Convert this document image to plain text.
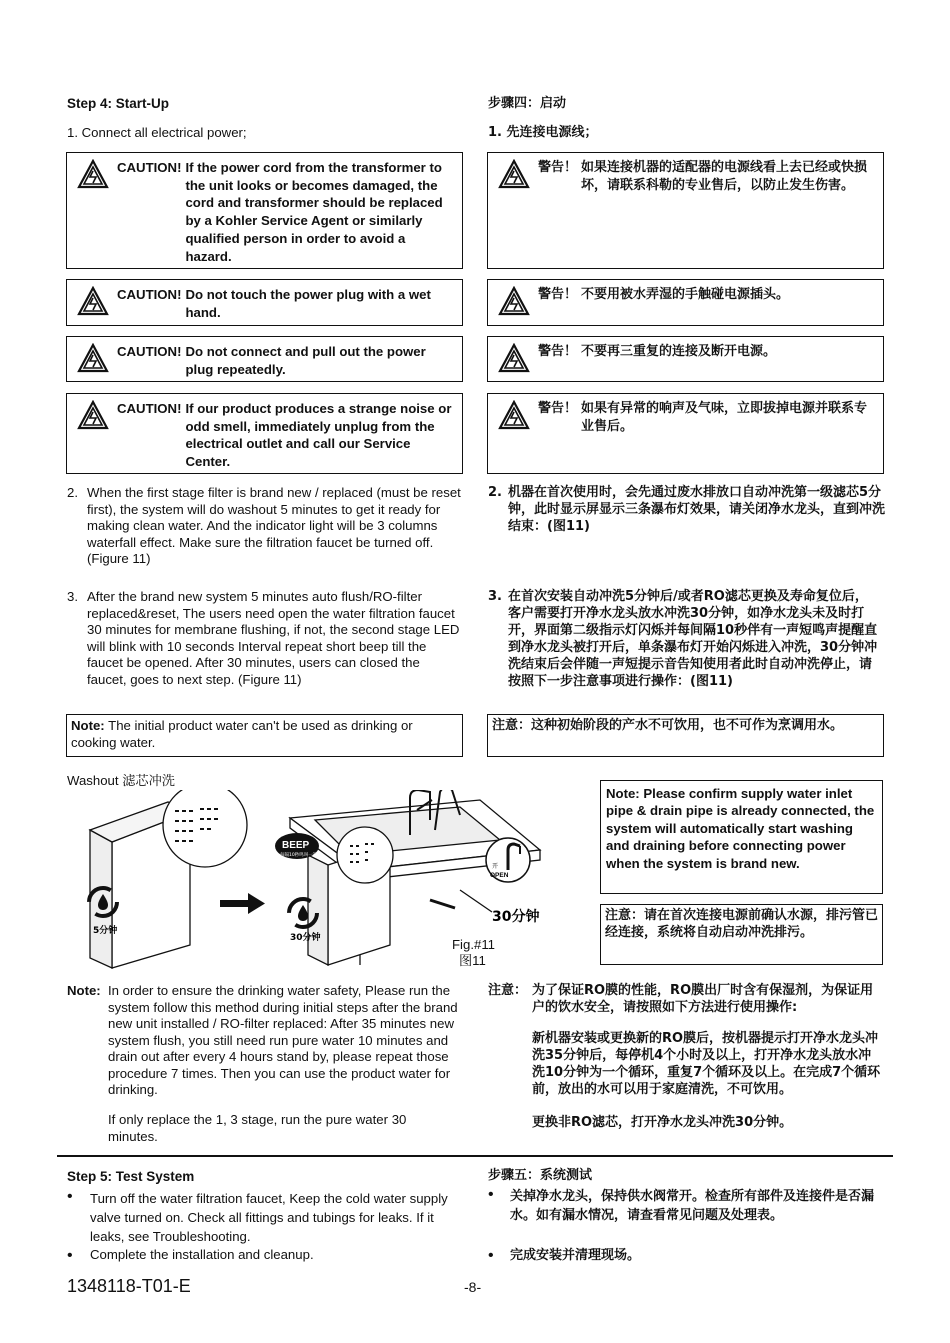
Step 4: Start-Up	步骤四：启动
1. Connect all electrical power;	1. 先连接电源线；
CAUTION! If the power cord from the transformer to the unit looks or becomes damaged, the cord and transformer should be replaced by a Kohler Service Agent or similarly qualified person in order to avoid a hazard.
CAUTION! Do not touch the power plug with a wet hand.
CAUTION! Do not connect and pull out the power plug repeatedly.
CAUTION! If our product produces a strange noise or odd smell, immediately unplug from the electrical outlet and call our Service Center.
警告！ 如果连接机器的适配器的电源线看上去已经或快损坏，请联系科勒的专业售后，以防止发生伤害。
警告！ 不要用被水弄湿的手触碰电源插头。
警告！ 不要再三重复的连接及断开电源。
警告！ 如果有异常的响声及气味，立即拔掉电源并联系专业售后。
2. When the first stage filter is brand new / replaced (must be reset first), the system will do washout 5 minutes to get it ready for making clean water. And the indicator light will be 3 columns waterfall effect. Make sure the filtration faucet be turned off. (Figure 11)
2. 机器在首次使用时，会先通过废水排放口自动冲洗第一级滤芯5分钟，此时显示屏显示三条瀑布灯效果，请关闭净水龙头，直到冲洗结束：(图11)
3. After the brand new system 5 minutes auto flush/RO-filter replaced&reset, The users need open the water filtration faucet 30 minutes for membrane flushing, if not, the second stage LED will blink with 10 seconds Interval repeat short beep till the faucet be opened. After 30 minutes, users can closed the faucet, goes to next step. (Figure 11)
3. 在首次安装自动冲洗5分钟后/或者RO滤芯更换及寿命复位后，客户需要打开净水龙头放水冲洗30分钟，如净水龙头未及时打开，界面第二级指示灯闪烁并每间隔10秒伴有一声短鸣声提醒直到净水龙头被打开后，单条瀑布灯开始闪烁进入冲洗，30分钟冲洗结束后会伴随一声短提示音告知使用者此时自动冲洗停止，请按照下一步注意事项进行操作：(图11)
Note: The initial product water can't be used as drinking or cooking water.
注意：这种初始阶段的产水不可饮用，也不可作为烹调用水。
Washout 滤芯冲洗
5分钟
BEEP
每隔10秒鸣叫一次
30分钟
开
OPEN
30分钟
Fig.#11
图11
Note: Please confirm supply water inlet pipe & drain pipe is already connected, the system will automatically start washing and draining before connecting power when the system is brand new.
注意：请在首次连接电源前确认水源，排污管已经连接，系统将自动启动冲洗排污。
Note: In order to ensure the drinking water safety, Please run the system follow this method during initial steps after the brand new unit installed / RO-filter replaced: After 35 minutes new system flush, you still need run pure water 10 minutes and drain out after every 4 hours stand by, please repeat those procedure 7 times. Then you can use the product water for drinking.
If only replace the 1, 3 stage, run the pure water 30 minutes.
注意： 为了保证RO膜的性能，RO膜出厂时含有保湿剂，为保证用户的饮水安全，请按照如下方法进行使用操作:
新机器安装或更换新的RO膜后，按机器提示打开净水龙头冲洗35分钟后，每停机4个小时及以上，打开净水龙头放水冲洗10分钟为一个循环，重复7个循环及以上。在完成7个循环前，放出的水可以用于家庭清洗，不可饮用。
更换非RO滤芯，打开净水龙头冲洗30分钟。
Step 5: Test System	步骤五：系统测试
• Turn off the water filtration faucet, Keep the cold water supply valve turned on. Check all fittings and tubings for leaks. If it leaks, see Troubleshooting.
• Complete the installation and cleanup.
• 关掉净水龙头，保持供水阀常开。检查所有部件及连接件是否漏水。如有漏水情况，请查看常见问题及处理表。
• 完成安装并清理现场。
1348118-T01-E	-8-
